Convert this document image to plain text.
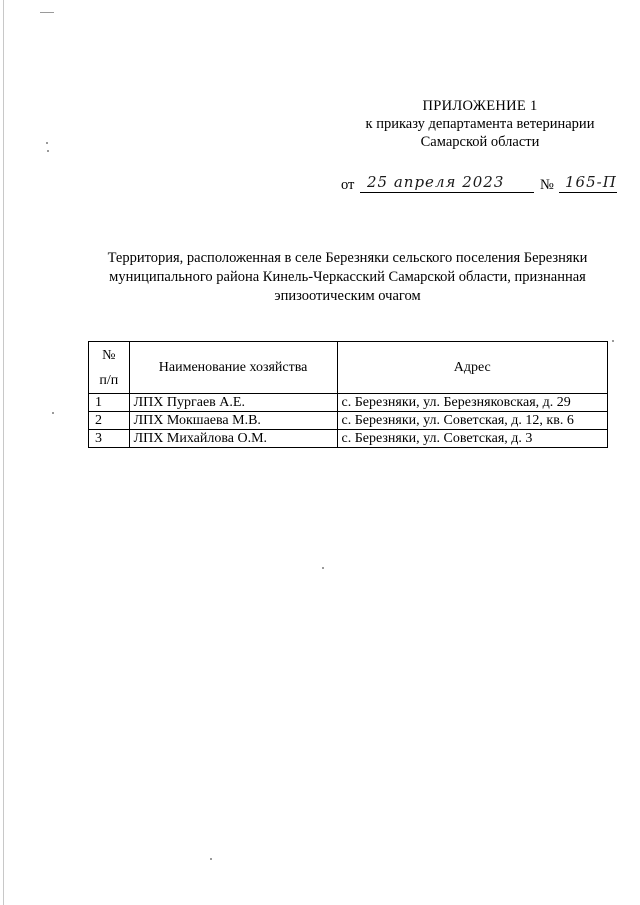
ПРИЛОЖЕНИЕ 1
к приказу департамента ветеринарии
Самарской области
от 25 апреля 2023 № 165-П
Территория, расположенная в селе Березняки сельского поселения Березняки
муниципального района Кинель-Черкасский Самарской области, признанная
эпизоотическим очагом
№
п/п	Наименование хозяйства	Адрес
1	ЛПХ Пургаев А.Е.	с. Березняки, ул. Березняковская, д. 29
2	ЛПХ Мокшаева М.В.	с. Березняки, ул. Советская, д. 12, кв. 6
3	ЛПХ Михайлова О.М.	с. Березняки, ул. Советская, д. 3
